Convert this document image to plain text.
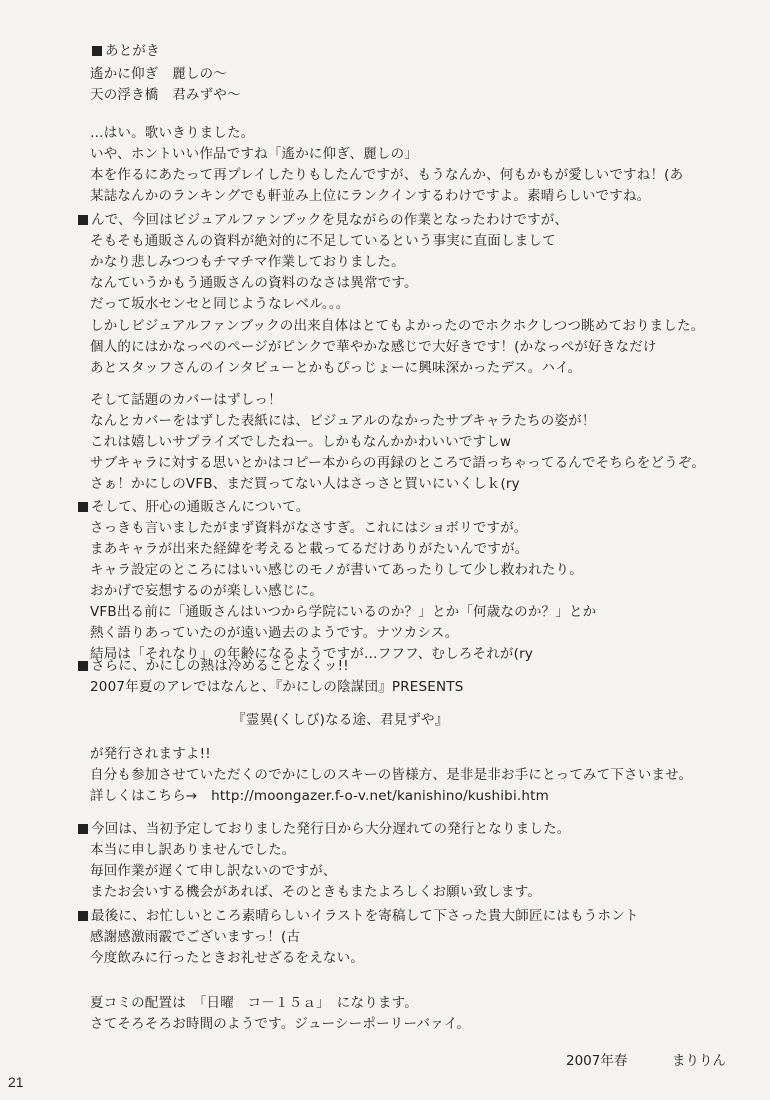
あとがき
遙かに仰ぎ　麗しの～
天の浮き橋　君みずや～
…はい。歌いきりました。
いや、ホントいい作品ですね「遙かに仰ぎ、麗しの」
本を作るにあたって再プレイしたりもしたんですが、もうなんか、何もかもが愛しいですね！(あ
某誌なんかのランキングでも軒並み上位にランクインするわけですよ。素晴らしいですね。
んで、今回はビジュアルファンブックを見ながらの作業となったわけですが、
そもそも通販さんの資料が絶対的に不足しているという事実に直面しまして
かなり悲しみつつもチマチマ作業しておりました。
なんていうかもう通販さんの資料のなさは異常です。
だって坂水センセと同じようなレベル。。。
しかしビジュアルファンブックの出来自体はとてもよかったのでホクホクしつつ眺めておりました。
個人的にはかなっぺのページがピンクで華やかな感じで大好きです！(かなっぺが好きなだけ
あとスタッフさんのインタビューとかもぴっじょーに興味深かったデス。ハイ。
そして話題のカバーはずしっ！
なんとカバーをはずした表紙には、ビジュアルのなかったサブキャラたちの姿が！
これは嬉しいサプライズでしたねー。しかもなんかかわいいですしw
サブキャラに対する思いとかはコピー本からの再録のところで語っちゃってるんでそちらをどうぞ。
さぁ！かにしのVFB、まだ買ってない人はさっさと買いにいくしｋ(ry
そして、肝心の通販さんについて。
さっきも言いましたがまず資料がなさすぎ。これにはショボリですが。
まあキャラが出来た経緯を考えると載ってるだけありがたいんですが。
キャラ設定のところにはいい感じのモノが書いてあったりして少し救われたり。
おかげで妄想するのが楽しい感じに。
VFB出る前に「通販さんはいつから学院にいるのか？」とか「何歳なのか？」とか
熱く語りあっていたのが遠い過去のようです。ナツカシス。
結局は「それなり」の年齢になるようですが…フフフ、むしろそれが(ry
さらに、かにしの熱は冷めることなくッ!!
2007年夏のアレではなんと、『かにしの陰謀団』PRESENTS
『霊異(くしび)なる途、君見ずや』
が発行されますよ!!
自分も参加させていただくのでかにしのスキーの皆様方、是非是非お手にとってみて下さいませ。
詳しくはこちら→　http://moongazer.f-o-v.net/kanishino/kushibi.htm
今回は、当初予定しておりました発行日から大分遅れての発行となりました。
本当に申し訳ありませんでした。
毎回作業が遅くて申し訳ないのですが、
またお会いする機会があれば、そのときもまたよろしくお願い致します。
最後に、お忙しいところ素晴らしいイラストを寄稿して下さった貴大師匠にはもうホント
感謝感激雨霰でございますっ！(古
今度飲みに行ったときお礼せざるをえない。
夏コミの配置は　「日曜　コ－１５ａ」　になります。
さてそろそろお時間のようです。ジューシーポーリーバァイ。
2007年春	まりりん
21
